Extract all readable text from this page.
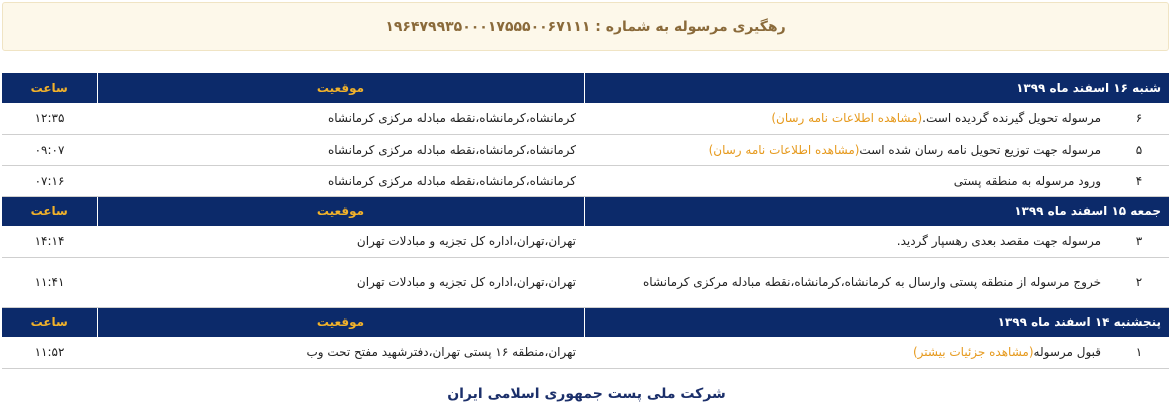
رهگیری مرسوله به شماره : ۱۹۶۴۷۹۹۳۵۰۰۰۱۷۵۵۵۰۰۶۷۱۱۱
شنبه ۱۶ اسفند ماه ۱۳۹۹		موقعیت	ساعت
۶	مرسوله تحویل گیرنده گردیده است.(مشاهده اطلاعات نامه رسان)	کرمانشاه،کرمانشاه،نقطه مبادله مرکزی کرمانشاه	۱۲:۳۵
۵	مرسوله جهت توزیع تحویل نامه رسان شده است(مشاهده اطلاعات نامه رسان)	کرمانشاه،کرمانشاه،نقطه مبادله مرکزی کرمانشاه	۰۹:۰۷
۴	ورود مرسوله به منطقه پستی	کرمانشاه،کرمانشاه،نقطه مبادله مرکزی کرمانشاه	۰۷:۱۶
جمعه ۱۵ اسفند ماه ۱۳۹۹		موقعیت	ساعت
۳	مرسوله جهت مقصد بعدی رهسپار گردید.	تهران،تهران،اداره کل تجزیه و مبادلات تهران	۱۴:۱۴
۲	خروج مرسوله از منطقه پستی وارسال به کرمانشاه،کرمانشاه،نقطه مبادله مرکزی کرمانشاه	تهران،تهران،اداره کل تجزیه و مبادلات تهران	۱۱:۴۱
پنجشنبه ۱۴ اسفند ماه ۱۳۹۹		موقعیت	ساعت
۱	قبول مرسوله(مشاهده جزئیات بیشتر)	تهران،منطقه ۱۶ پستی تهران،دفترشهید مفتح تحت وب	۱۱:۵۲
شرکت ملی پست جمهوری اسلامی ایران
